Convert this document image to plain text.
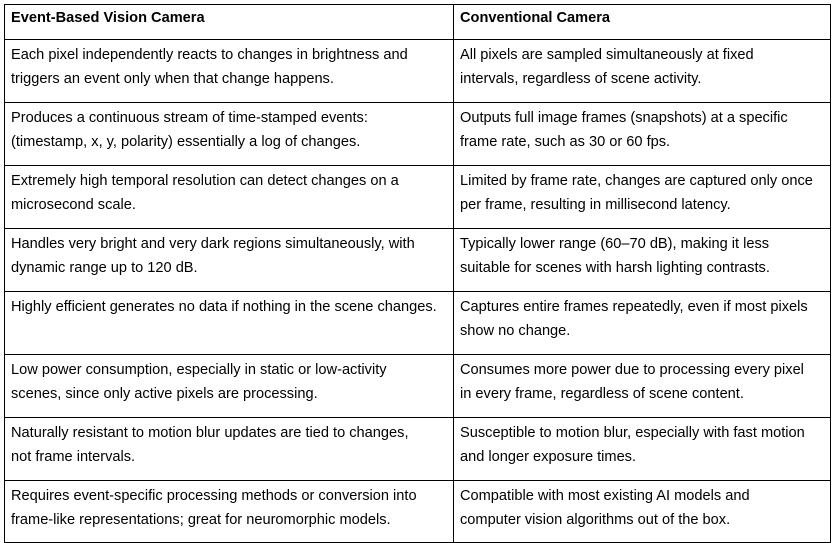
Event-Based Vision Camera	Conventional Camera
Each pixel independently reacts to changes in brightness and
triggers an event only when that change happens.	All pixels are sampled simultaneously at fixed
intervals, regardless of scene activity.
Produces a continuous stream of time-stamped events:
(timestamp, x, y, polarity) essentially a log of changes.	Outputs full image frames (snapshots) at a specific
frame rate, such as 30 or 60 fps.
Extremely high temporal resolution can detect changes on a
microsecond scale.	Limited by frame rate, changes are captured only once
per frame, resulting in millisecond latency.
Handles very bright and very dark regions simultaneously, with
dynamic range up to 120 dB.	Typically lower range (60–70 dB), making it less
suitable for scenes with harsh lighting contrasts.
Highly efficient generates no data if nothing in the scene changes.	Captures entire frames repeatedly, even if most pixels
show no change.
Low power consumption, especially in static or low-activity
scenes, since only active pixels are processing.	Consumes more power due to processing every pixel
in every frame, regardless of scene content.
Naturally resistant to motion blur updates are tied to changes,
not frame intervals.	Susceptible to motion blur, especially with fast motion
and longer exposure times.
Requires event-specific processing methods or conversion into
frame-like representations; great for neuromorphic models.	Compatible with most existing AI models and
computer vision algorithms out of the box.
